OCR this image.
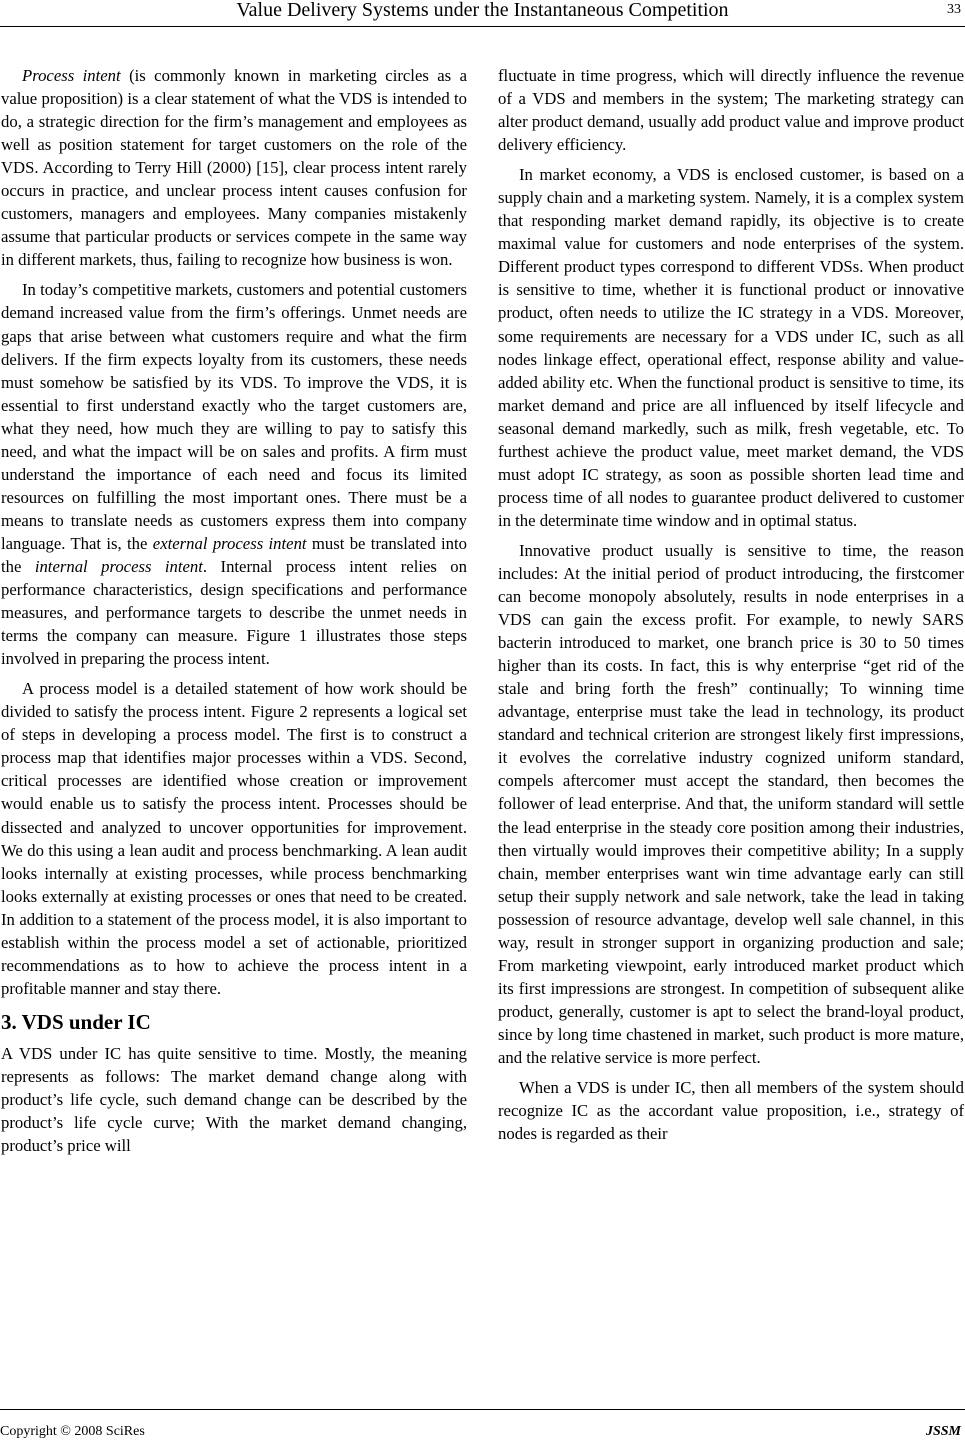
Value Delivery Systems under the Instantaneous Competition	33

Process intent (is commonly known in marketing circles as a value proposition) is a clear statement of what the VDS is intended to do, a strategic direction for the firm’s management and employees as well as position statement for target customers on the role of the VDS. According to Terry Hill (2000) [15], clear process intent rarely occurs in practice, and unclear process intent causes confusion for customers, managers and employees. Many companies mistakenly assume that particular products or services compete in the same way in different markets, thus, failing to recognize how business is won.

In today’s competitive markets, customers and potential customers demand increased value from the firm’s offerings. Unmet needs are gaps that arise between what customers require and what the firm delivers. If the firm expects loyalty from its customers, these needs must somehow be satisfied by its VDS. To improve the VDS, it is essential to first understand exactly who the target customers are, what they need, how much they are willing to pay to satisfy this need, and what the impact will be on sales and profits. A firm must understand the importance of each need and focus its limited resources on fulfilling the most important ones. There must be a means to translate needs as customers express them into company language. That is, the external process intent must be translated into the internal process intent. Internal process intent relies on performance characteristics, design specifications and performance measures, and performance targets to describe the unmet needs in terms the company can measure. Figure 1 illustrates those steps involved in preparing the process intent.

A process model is a detailed statement of how work should be divided to satisfy the process intent. Figure 2 represents a logical set of steps in developing a process model. The first is to construct a process map that identifies major processes within a VDS. Second, critical processes are identified whose creation or improvement would enable us to satisfy the process intent. Processes should be dissected and analyzed to uncover opportunities for improvement. We do this using a lean audit and process benchmarking. A lean audit looks internally at existing processes, while process benchmarking looks externally at existing processes or ones that need to be created. In addition to a statement of the process model, it is also important to establish within the process model a set of actionable, prioritized recommendations as to how to achieve the process intent in a profitable manner and stay there.

3. VDS under IC

A VDS under IC has quite sensitive to time. Mostly, the meaning represents as follows: The market demand change along with product’s life cycle, such demand change can be described by the product’s life cycle curve; With the market demand changing, product’s price will

fluctuate in time progress, which will directly influence the revenue of a VDS and members in the system; The marketing strategy can alter product demand, usually add product value and improve product delivery efficiency.

In market economy, a VDS is enclosed customer, is based on a supply chain and a marketing system. Namely, it is a complex system that responding market demand rapidly, its objective is to create maximal value for customers and node enterprises of the system. Different product types correspond to different VDSs. When product is sensitive to time, whether it is functional product or innovative product, often needs to utilize the IC strategy in a VDS. Moreover, some requirements are necessary for a VDS under IC, such as all nodes linkage effect, operational effect, response ability and value-added ability etc. When the functional product is sensitive to time, its market demand and price are all influenced by itself lifecycle and seasonal demand markedly, such as milk, fresh vegetable, etc. To furthest achieve the product value, meet market demand, the VDS must adopt IC strategy, as soon as possible shorten lead time and process time of all nodes to guarantee product delivered to customer in the determinate time window and in optimal status.

Innovative product usually is sensitive to time, the reason includes: At the initial period of product introducing, the firstcomer can become monopoly absolutely, results in node enterprises in a VDS can gain the excess profit. For example, to newly SARS bacterin introduced to market, one branch price is 30 to 50 times higher than its costs. In fact, this is why enterprise “get rid of the stale and bring forth the fresh” continually; To winning time advantage, enterprise must take the lead in technology, its product standard and technical criterion are strongest likely first impressions, it evolves the correlative industry cognized uniform standard, compels aftercomer must accept the standard, then becomes the follower of lead enterprise. And that, the uniform standard will settle the lead enterprise in the steady core position among their industries, then virtually would improves their competitive ability; In a supply chain, member enterprises want win time advantage early can still setup their supply network and sale network, take the lead in taking possession of resource advantage, develop well sale channel, in this way, result in stronger support in organizing production and sale; From marketing viewpoint, early introduced market product which its first impressions are strongest. In competition of subsequent alike product, generally, customer is apt to select the brand-loyal product, since by long time chastened in market, such product is more mature, and the relative service is more perfect.

When a VDS is under IC, then all members of the system should recognize IC as the accordant value proposition, i.e., strategy of nodes is regarded as their

Copyright © 2008 SciRes	JSSM
